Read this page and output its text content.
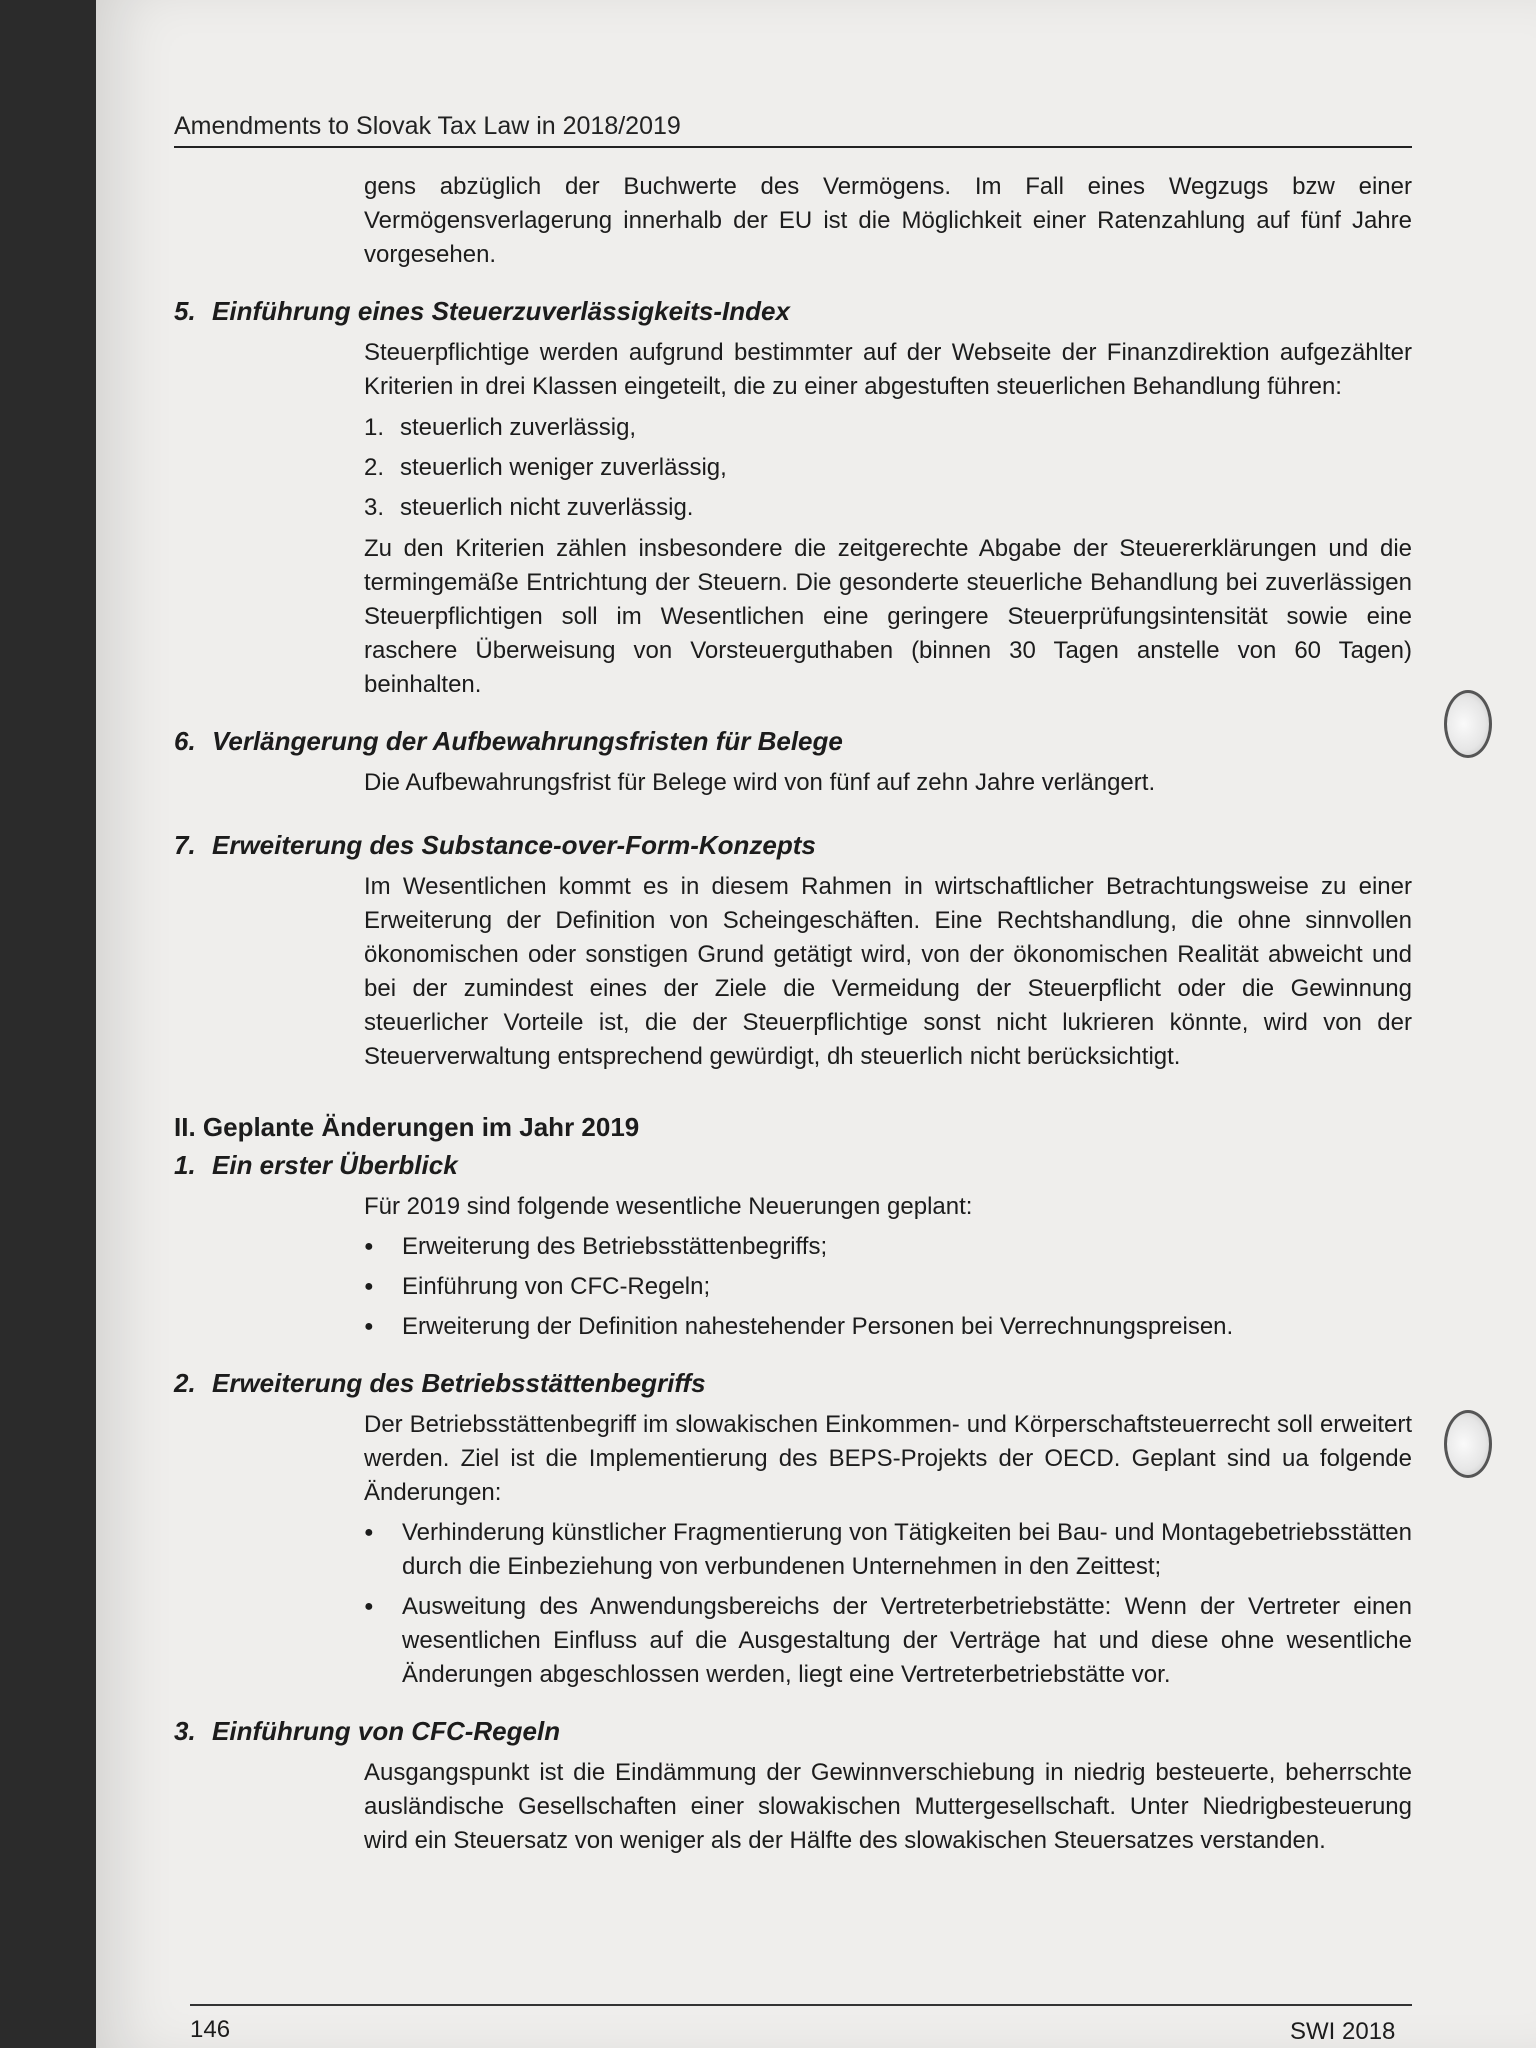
Amendments to Slovak Tax Law in 2018/2019

gens abzüglich der Buchwerte des Vermögens. Im Fall eines Wegzugs bzw einer Vermögensverlagerung innerhalb der EU ist die Möglichkeit einer Ratenzahlung auf fünf Jahre vorgesehen.

5. Einführung eines Steuerzuverlässigkeits-Index

Steuerpflichtige werden aufgrund bestimmter auf der Webseite der Finanzdirektion aufgezählter Kriterien in drei Klassen eingeteilt, die zu einer abgestuften steuerlichen Behandlung führen:

1. steuerlich zuverlässig,
2. steuerlich weniger zuverlässig,
3. steuerlich nicht zuverlässig.

Zu den Kriterien zählen insbesondere die zeitgerechte Abgabe der Steuererklärungen und die termingemäße Entrichtung der Steuern. Die gesonderte steuerliche Behandlung bei zuverlässigen Steuerpflichtigen soll im Wesentlichen eine geringere Steuerprüfungsintensität sowie eine raschere Überweisung von Vorsteuerguthaben (binnen 30 Tagen anstelle von 60 Tagen) beinhalten.

6. Verlängerung der Aufbewahrungsfristen für Belege

Die Aufbewahrungsfrist für Belege wird von fünf auf zehn Jahre verlängert.

7. Erweiterung des Substance-over-Form-Konzepts

Im Wesentlichen kommt es in diesem Rahmen in wirtschaftlicher Betrachtungsweise zu einer Erweiterung der Definition von Scheingeschäften. Eine Rechtshandlung, die ohne sinnvollen ökonomischen oder sonstigen Grund getätigt wird, von der ökonomischen Realität abweicht und bei der zumindest eines der Ziele die Vermeidung der Steuerpflicht oder die Gewinnung steuerlicher Vorteile ist, die der Steuerpflichtige sonst nicht lukrieren könnte, wird von der Steuerverwaltung entsprechend gewürdigt, dh steuerlich nicht berücksichtigt.

II. Geplante Änderungen im Jahr 2019
1. Ein erster Überblick

Für 2019 sind folgende wesentliche Neuerungen geplant:

● Erweiterung des Betriebsstättenbegriffs;
● Einführung von CFC-Regeln;
● Erweiterung der Definition nahestehender Personen bei Verrechnungspreisen.
2. Erweiterung des Betriebsstättenbegriffs

Der Betriebsstättenbegriff im slowakischen Einkommen- und Körperschaftsteuerrecht soll erweitert werden. Ziel ist die Implementierung des BEPS-Projekts der OECD. Geplant sind ua folgende Änderungen:

● Verhinderung künstlicher Fragmentierung von Tätigkeiten bei Bau- und Montagebetriebsstätten durch die Einbeziehung von verbundenen Unternehmen in den Zeittest;
● Ausweitung des Anwendungsbereichs der Vertreterbetriebstätte: Wenn der Vertreter einen wesentlichen Einfluss auf die Ausgestaltung der Verträge hat und diese ohne wesentliche Änderungen abgeschlossen werden, liegt eine Vertreterbetriebstätte vor.
3. Einführung von CFC-Regeln

Ausgangspunkt ist die Eindämmung der Gewinnverschiebung in niedrig besteuerte, beherrschte ausländische Gesellschaften einer slowakischen Muttergesellschaft. Unter Niedrigbesteuerung wird ein Steuersatz von weniger als der Hälfte des slowakischen Steuersatzes verstanden.

146	SWI 2018
